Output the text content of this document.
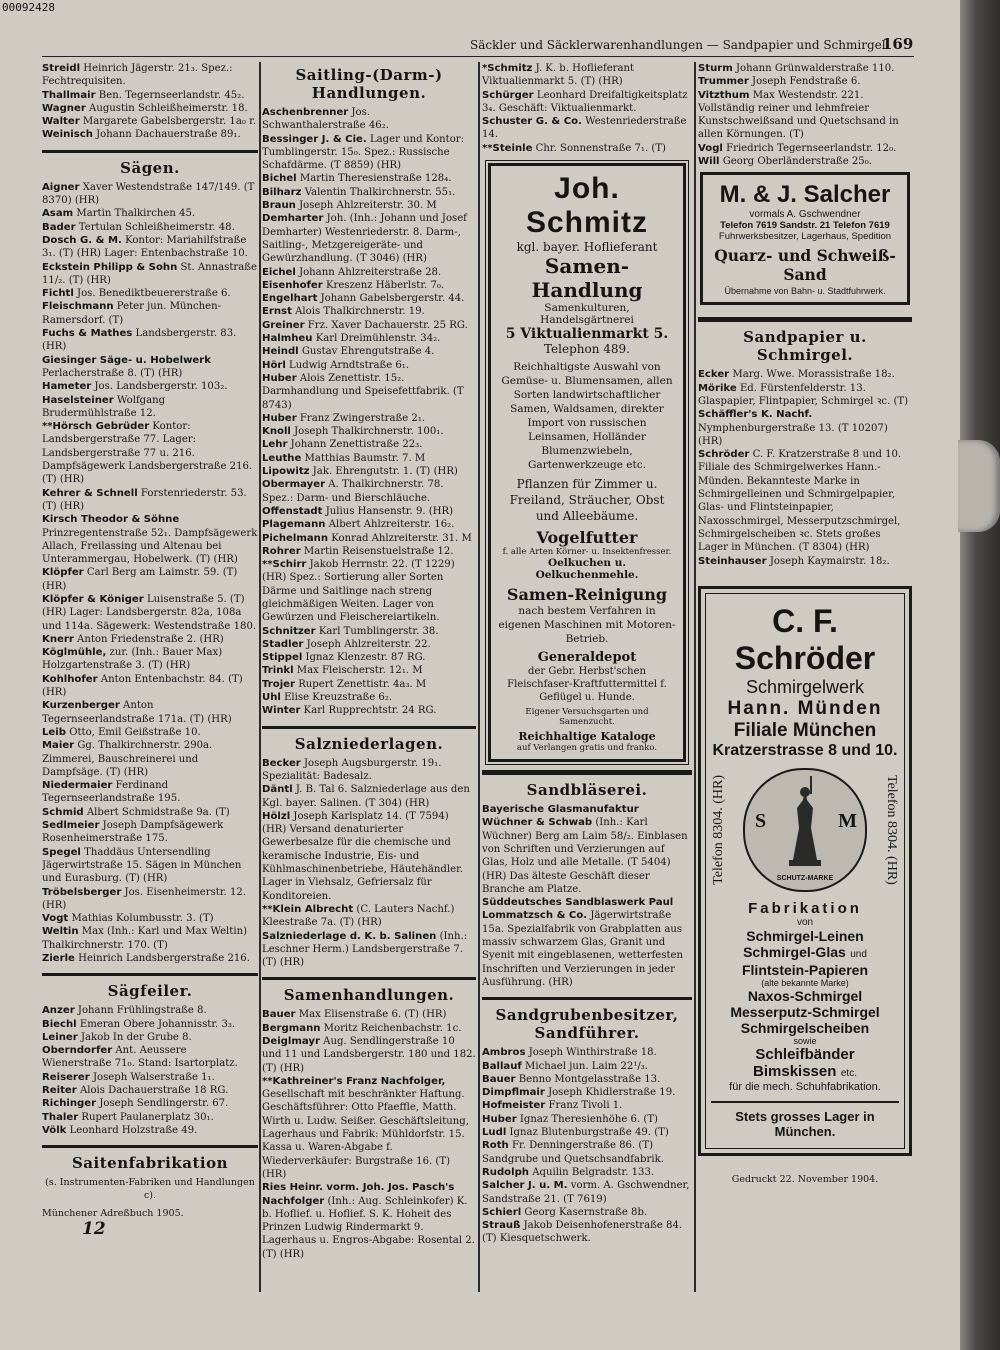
00092428
Säckler und Säcklerwarenhandlungen — Sandpapier und Schmirgel.
169

Streidl Heinrich Jägerstr. 21₃. Spez.: Fechtrequisiten.

Thallmair Ben. Tegernseerlandstr. 45₂.

Wagner Augustin Schleißheimerstr. 18.

Walter Margarete Gabelsbergerstr. 1a₀ r.

Weinisch Johann Dachauerstraße 89₁.

Sägen.

Aigner Xaver Westendstraße 147/149. (T 8370) (HR)

Asam Martin Thalkirchen 45.

Bader Tertulan Schleißheimerstr. 48.

Dosch G. & M. Kontor: Mariahilfstraße 3₁. (T) (HR) Lager: Entenbachstraße 10.

Eckstein Philipp & Sohn St. Annastraße 11/₂. (T) (HR)

Fichtl Jos. Benediktbeuererstraße 6.

Fleischmann Peter jun. München-Ramersdorf. (T)

Fuchs & Mathes Landsbergerstr. 83. (HR)

Giesinger Säge- u. Hobelwerk Perlacherstraße 8. (T) (HR)

Hameter Jos. Landsbergerstr. 103₂.

Haselsteiner Wolfgang Brudermühlstraße 12.

**Hörsch Gebrüder Kontor: Landsbergerstraße 77. Lager: Landsbergerstraße 77 u. 216. Dampfsägewerk Landsbergerstraße 216. (T) (HR)

Kehrer & Schnell Forstenriederstr. 53. (T) (HR)

Kirsch Theodor & Söhne Prinzregentenstraße 52₁. Dampfsägewerk Allach, Freilassing und Altenau bei Unterammergau, Hobelwerk. (T) (HR)

Klöpfer Carl Berg am Laimstr. 59. (T) (HR)

Klöpfer & Königer Luisenstraße 5. (T) (HR) Lager: Landsbergerstr. 82a, 108a und 114a. Sägewerk: Westendstraße 180.

Knerr Anton Friedenstraße 2. (HR)

Köglmühle, zur. (Inh.: Bauer Max) Holzgartenstraße 3. (T) (HR)

Kohlhofer Anton Entenbachstr. 84. (T) (HR)

Kurzenberger Anton Tegernseerlandstraße 171a. (T) (HR)

Leib Otto, Emil Geißstraße 10.

Maier Gg. Thalkirchnerstr. 290a. Zimmerei, Bauschreinerei und Dampfsäge. (T) (HR)

Niedermaier Ferdinand Tegernseerlandstraße 195.

Schmid Albert Schmidstraße 9a. (T)

Sedlmeier Joseph Dampfsägewerk Rosenheimerstraße 175.

Spegel Thaddäus Untersendling Jägerwirtstraße 15. Sägen in München und Eurasburg. (T) (HR)

Tröbelsberger Jos. Eisenheimerstr. 12. (HR)

Vogt Mathias Kolumbusstr. 3. (T)

Weltin Max (Inh.: Karl und Max Weltin) Thalkirchnerstr. 170. (T)

Zierle Heinrich Landsbergerstraße 216.

Sägfeiler.

Anzer Johann Frühlingstraße 8.

Biechl Emeran Obere Johannisstr. 3₃.

Leiner Jakob In der Grube 8.

Oberndorfer Ant. Aeussere Wienerstraße 71₀. Stand: Isartorplatz.

Reiserer Joseph Walserstraße 1₁.

Reiter Alois Dachauerstraße 18 RG.

Richinger Joseph Sendlingerstr. 67.

Thaler Rupert Paulanerplatz 30₁.

Völk Leonhard Holzstraße 49.

Saitenfabrikation
(s. Instrumenten-Fabriken und Handlungen c).
Münchener Adreßbuch 1905.
12
Saitling-(Darm-) Handlungen.

Aschenbrenner Jos. Schwanthalerstraße 46₂.

Bessinger J. & Cie. Lager und Kontor: Tumblingerstr. 15₀. Spez.: Russische Schafdärme. (T 8859) (HR)

Bichel Martin Theresienstraße 128₄.

Bilharz Valentin Thalkirchnerstr. 55₁.

Braun Joseph Ahlzreiterstr. 30. M

Demharter Joh. (Inh.: Johann und Josef Demharter) Westenriederstr. 8. Darm-, Saitling-, Metzgereigeräte- und Gewürzhandlung. (T 3046) (HR)

Eichel Johann Ahlzreiterstraße 28.

Eisenhofer Kreszenz Häberlstr. 7₀.

Engelhart Johann Gabelsbergerstr. 44.

Ernst Alois Thalkirchnerstr. 19.

Greiner Frz. Xaver Dachauerstr. 25 RG.

Halmheu Karl Dreimühlenstr. 34₂.

Heindl Gustav Ehrengutstraße 4.

Hörl Ludwig Arndtstraße 6₁.

Huber Alois Zenettistr. 15₂. Darmhandlung und Speisefettfabrik. (T 8743)

Huber Franz Zwingerstraße 2₁.

Knoll Joseph Thalkirchnerstr. 100₁.

Lehr Johann Zenettistraße 22₃.

Leuthe Matthias Baumstr. 7. M

Lipowitz Jak. Ehrengutstr. 1. (T) (HR)

Obermayer A. Thalkirchnerstr. 78. Spez.: Darm- und Bierschläuche.

Offenstadt Julius Hansenstr. 9. (HR)

Plagemann Albert Ahlzreiterstr. 16₂.

Pichelmann Konrad Ahlzreiterstr. 31. M

Rohrer Martin Reisenstuelstraße 12.

**Schirr Jakob Herrnstr. 22. (T 1229) (HR) Spez.: Sortierung aller Sorten Därme und Saitlinge nach streng gleichmäßigen Weiten. Lager von Gewürzen und Fleischereiartikeln.

Schnitzer Karl Tumblingerstr. 38.

Stadler Joseph Ahlzreiterstr. 22.

Stippel Ignaz Klenzestr. 87 RG.

Trinkl Max Fleischerstr. 12₁. M

Trojer Rupert Zenettistr. 4a₃. M

Uhl Elise Kreuzstraße 6₂.

Winter Karl Rupprechtstr. 24 RG.

Salzniederlagen.

Becker Joseph Augsburgerstr. 19₁. Spezialität: Badesalz.

Däntl J. B. Tal 6. Salzniederlage aus den Kgl. bayer. Salinen. (T 304) (HR)

Hölzl Joseph Karlsplatz 14. (T 7594) (HR) Versand denaturierter Gewerbesalze für die chemische und keramische Industrie, Eis- und Kühlmaschinenbetriebe, Häutehändler. Lager in Viehsalz, Gefriersalz für Konditoreien.

**Klein Albrecht (C. Lauterз Nachf.) Kleestraße 7a. (T) (HR)

Salzniederlage d. K. b. Salinen (Inh.: Leschner Herm.) Landsbergerstraße 7. (T) (HR)

Samenhandlungen.

Bauer Max Elisenstraße 6. (T) (HR)

Bergmann Moritz Reichenbachstr. 1c.

Deiglmayr Aug. Sendlingerstraße 10 und 11 und Landsbergerstr. 180 und 182. (T) (HR)

**Kathreiner's Franz Nachfolger, Gesellschaft mit beschränkter Haftung. Geschäftsführer: Otto Pfaeffle, Matth. Wirth u. Ludw. Seißer. Geschäftsleitung, Lagerhaus und Fabrik: Mühldorfstr. 15. Kassa u. Waren-Abgabe f. Wiederverkäufer: Burgstraße 16. (T) (HR)

Ries Heinr. vorm. Joh. Jos. Pasch's Nachfolger (Inh.: Aug. Schleinkofer) K. b. Hoflief. u. Hoflief. S. K. Hoheit des Prinzen Ludwig Rindermarkt 9. Lagerhaus u. Engros-Abgabe: Rosental 2. (T) (HR)

*Schmitz J. K. b. Hoflieferant Viktualienmarkt 5. (T) (HR)

Schürger Leonhard Dreifaltigkeitsplatz 3₄. Geschäft: Viktualienmarkt.

Schuster G. & Co. Westenriederstraße 14.

**Steinle Chr. Sonnenstraße 7₁. (T)

Joh. Schmitz
kgl. bayer. Hoflieferant
Samen-Handlung
Samenkulturen, Handelsgärtnerei
5 Viktualienmarkt 5.
Telephon 489.
Reichhaltigste Auswahl von Gemüse- u. Blumensamen, allen Sorten landwirtschaftlicher Samen, Waldsamen, direkter Import von russischen Leinsamen, Holländer Blumenzwiebeln, Gartenwerkzeuge etc.
Pflanzen für Zimmer u. Freiland, Sträucher, Obst und Alleebäume.
Vogelfutter
f. alle Arten Körner- u. Insektenfresser.
Oelkuchen u. Oelkuchenmehle.
Samen-Reinigung
nach bestem Verfahren in eigenen Maschinen mit Motoren-Betrieb.
Generaldepot
der Gebr. Herbst'schen Fleischfaser-Kraftfuttermittel f. Geflügel u. Hunde.
Eigener Versuchsgarten und Samenzucht.
Reichhaltige Kataloge
auf Verlangen gratis und franko.
Sandbläserei.

Bayerische Glasmanufaktur Wüchner & Schwab (Inh.: Karl Wüchner) Berg am Laim 58/₂. Einblasen von Schriften und Verzierungen auf Glas, Holz und alle Metalle. (T 5404) (HR) Das älteste Geschäft dieser Branche am Platze.

Süddeutsches Sandblaswerk Paul Lommatzsch & Co. Jägerwirtstraße 15a. Spezialfabrik von Grabplatten aus massiv schwarzem Glas, Granit und Syenit mit eingeblasenen, wetterfesten Inschriften und Verzierungen in jeder Ausführung. (HR)

Sandgrubenbesitzer, Sandführer.

Ambros Joseph Winthirstraße 18.

Ballauf Michael jun. Laim 22¹/₃.

Bauer Benno Montgelasstraße 13.

Dimpflmair Joseph Khidlerstraße 19.

Hofmeister Franz Tivoli 1.

Huber Ignaz Theresienhöhe 6. (T)

Ludl Ignaz Blutenburgstraße 49. (T)

Roth Fr. Denningerstraße 86. (T) Sandgrube und Quetschsandfabrik.

Rudolph Aquilin Belgradstr. 133.

Salcher J. u. M. vorm. A. Gschwendner, Sandstraße 21. (T 7619)

Schierl Georg Kasernstraße 8b.

Strauß Jakob Deisenhofenerstraße 84. (T) Kiesquetschwerk.

Sturm Johann Grünwalderstraße 110.

Trummer Joseph Fendstraße 6.

Vitzthum Max Westendstr. 221. Vollständig reiner und lehmfreier Kunstschweißsand und Quetschsand in allen Körnungen. (T)

Vogl Friedrich Tegernseerlandstr. 12₀.

Will Georg Oberländerstraße 25₀.

M. & J. Salcher
vormals A. Gschwendner
Telefon 7619 Sandstr. 21 Telefon 7619
Fuhrwerksbesitzer, Lagerhaus, Spedition
Quarz- und Schweiß-Sand
Übernahme von Bahn- u. Stadtfuhrwerk.
Sandpapier u. Schmirgel.

Ecker Marg. Wwe. Morassistraße 18₂.

Mörike Ed. Fürstenfelderstr. 13. Glaspapier, Flintpapier, Schmirgel ꝛc. (T)

Schäffler's K. Nachf. Nymphenburgerstraße 13. (T 10207) (HR)

Schröder C. F. Kratzerstraße 8 und 10. Filiale des Schmirgelwerkes Hann.-Münden. Bekannteste Marke in Schmirgelleinen und Schmirgelpapier, Glas- und Flintsteinpapier, Naxosschmirgel, Messerputzschmirgel, Schmirgelscheiben ꝛc. Stets großes Lager in München. (T 8304) (HR)

Steinhauser Joseph Kaymairstr. 18₂.

C. F. Schröder
Schmirgelwerk
Hann. Münden
Filiale München
Kratzerstrasse 8 und 10.
Telefon 8304. (HR) S	M
SCHUTZ-MARKE	Telefon 8304. (HR)
Fabrikation
von
Schmirgel-Leinen
Schmirgel-Glas und
Flintstein-Papieren
(alte bekannte Marke)
Naxos-Schmirgel
Messerputz-Schmirgel
Schmirgelscheiben
sowie
Schleifbänder
Bimskissen etc.
für die mech. Schuhfabrikation.
Stets grosses Lager in München.
Gedruckt 22. November 1904.
